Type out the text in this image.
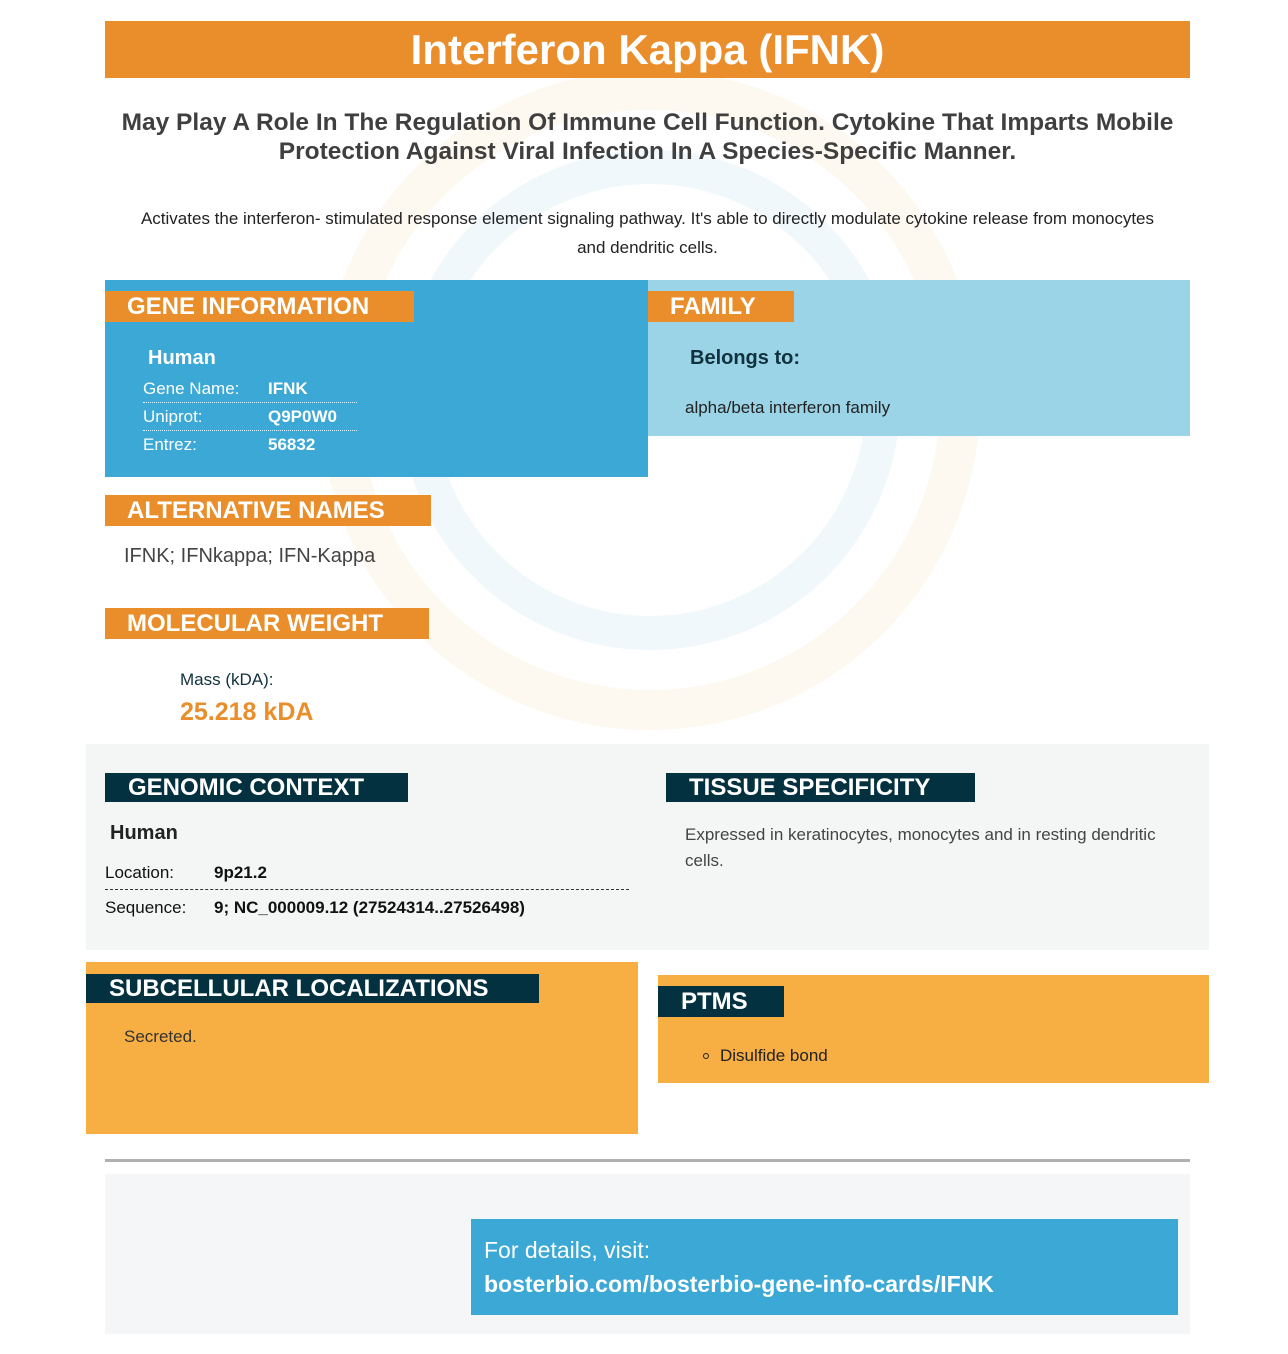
Interferon Kappa (IFNK)
May Play A Role In The Regulation Of Immune Cell Function. Cytokine That Imparts Mobile Protection Against Viral Infection In A Species-Specific Manner.
Activates the interferon- stimulated response element signaling pathway. It's able to directly modulate cytokine release from monocytes and dendritic cells.
GENE INFORMATION
Human
Gene Name: IFNK
Uniprot:	Q9P0W0
Entrez:	56832
FAMILY
Belongs to:
alpha/beta interferon family
ALTERNATIVE NAMES
IFNK; IFNkappa; IFN-Kappa
MOLECULAR WEIGHT
Mass (kDA):
25.218 kDA
GENOMIC CONTEXT
Human
Location: 9p21.2
Sequence: 9; NC_000009.12 (27524314..27526498)
TISSUE SPECIFICITY
Expressed in keratinocytes, monocytes and in resting dendritic cells.
SUBCELLULAR LOCALIZATIONS
Secreted.
PTMS
Disulfide bond
For details, visit:
bosterbio.com/bosterbio-gene-info-cards/IFNK
